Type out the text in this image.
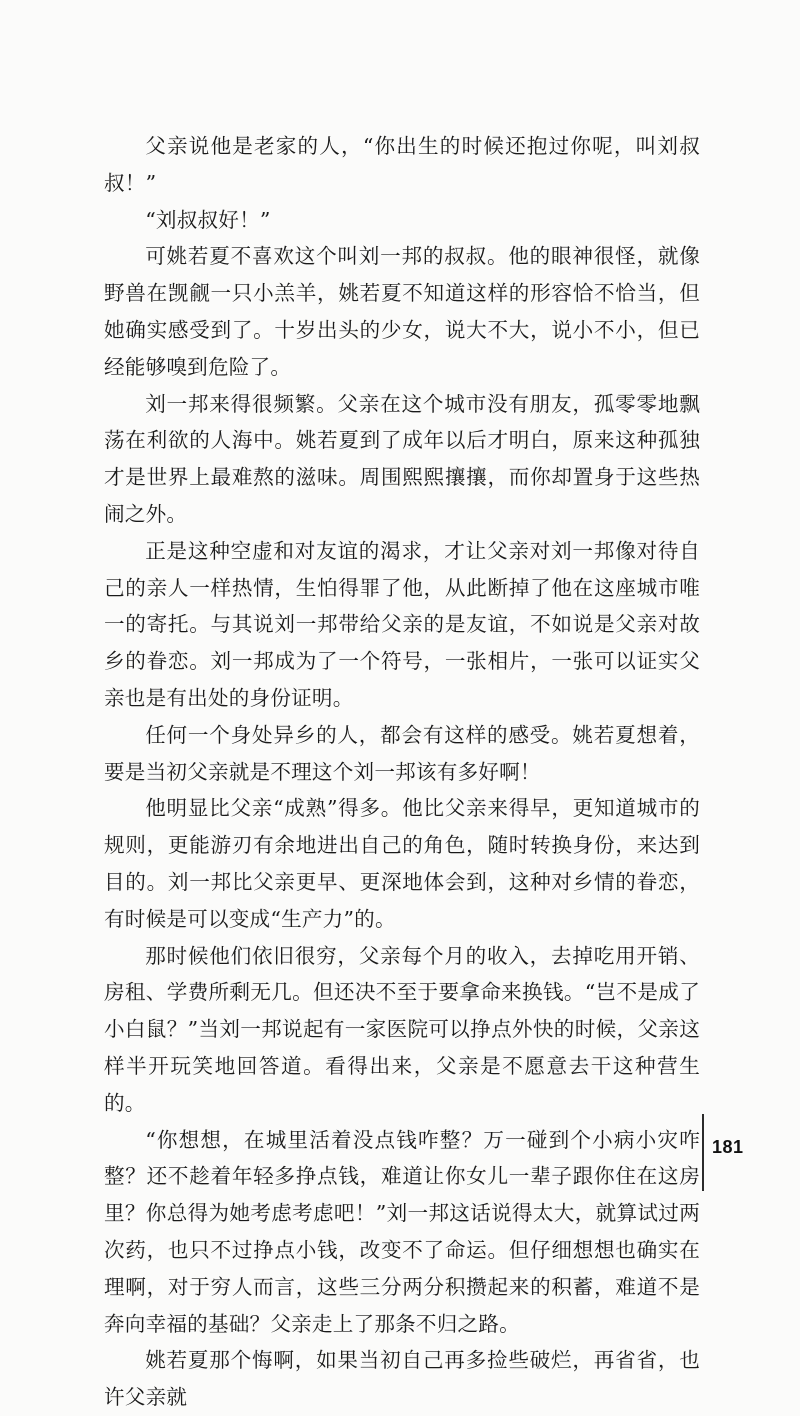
父亲说他是老家的人，“你出生的时候还抱过你呢，叫刘叔叔！”

“刘叔叔好！”

可姚若夏不喜欢这个叫刘一邦的叔叔。他的眼神很怪，就像野兽在觊觎一只小羔羊，姚若夏不知道这样的形容恰不恰当，但她确实感受到了。十岁出头的少女，说大不大，说小不小，但已经能够嗅到危险了。

刘一邦来得很频繁。父亲在这个城市没有朋友，孤零零地飘荡在利欲的人海中。姚若夏到了成年以后才明白，原来这种孤独才是世界上最难熬的滋味。周围熙熙攘攘，而你却置身于这些热闹之外。

正是这种空虚和对友谊的渴求，才让父亲对刘一邦像对待自己的亲人一样热情，生怕得罪了他，从此断掉了他在这座城市唯一的寄托。与其说刘一邦带给父亲的是友谊，不如说是父亲对故乡的眷恋。刘一邦成为了一个符号，一张相片，一张可以证实父亲也是有出处的身份证明。

任何一个身处异乡的人，都会有这样的感受。姚若夏想着，要是当初父亲就是不理这个刘一邦该有多好啊！

他明显比父亲“成熟”得多。他比父亲来得早，更知道城市的规则，更能游刃有余地进出自己的角色，随时转换身份，来达到目的。刘一邦比父亲更早、更深地体会到，这种对乡情的眷恋，有时候是可以变成“生产力”的。

那时候他们依旧很穷，父亲每个月的收入，去掉吃用开销、房租、学费所剩无几。但还决不至于要拿命来换钱。“岂不是成了小白鼠？”当刘一邦说起有一家医院可以挣点外快的时候，父亲这样半开玩笑地回答道。看得出来，父亲是不愿意去干这种营生的。

“你想想，在城里活着没点钱咋整？万一碰到个小病小灾咋整？还不趁着年轻多挣点钱，难道让你女儿一辈子跟你住在这房里？你总得为她考虑考虑吧！”刘一邦这话说得太大，就算试过两次药，也只不过挣点小钱，改变不了命运。但仔细想想也确实在理啊，对于穷人而言，这些三分两分积攒起来的积蓄，难道不是奔向幸福的基础？父亲走上了那条不归之路。

姚若夏那个悔啊，如果当初自己再多捡些破烂，再省省，也许父亲就

181
